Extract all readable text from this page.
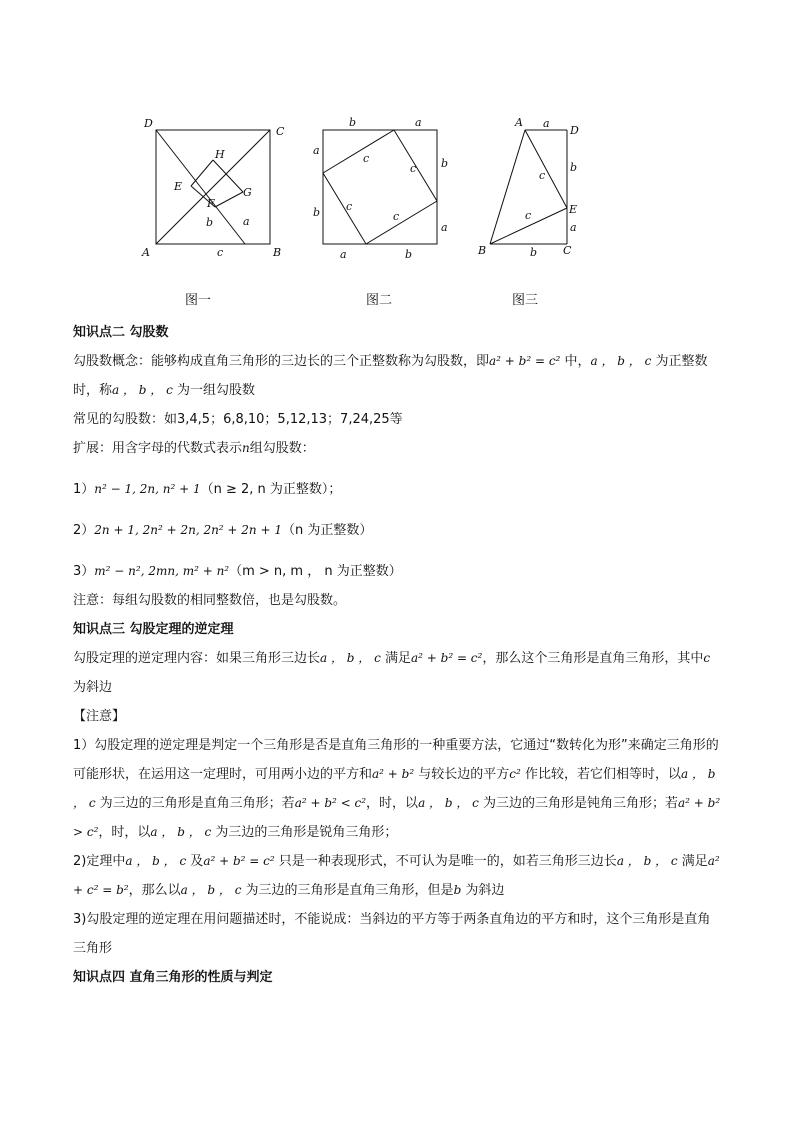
D
C
A	B
H
E
F
G
b	a
c
b	a
a
b
b
a
a	b
c
c
c
c
A a
D
b
c
E
c
a
B	b C
图一	图二	图三

知识点二 勾股数

勾股数概念：能够构成直角三角形的三边长的三个正整数称为勾股数，即a² + b² = c² 中，a ， b ， c 为正整数时，称a ， b ， c 为一组勾股数

常见的勾股数：如3,4,5；6,8,10；5,12,13；7,24,25等

扩展：用含字母的代数式表示n组勾股数：

1）n² − 1, 2n, n² + 1（n ≥ 2, n 为正整数）；

2）2n + 1, 2n² + 2n, 2n² + 2n + 1（n 为正整数）

3）m² − n², 2mn, m² + n²（m > n, m ， n 为正整数）

注意：每组勾股数的相同整数倍，也是勾股数。

知识点三 勾股定理的逆定理

勾股定理的逆定理内容：如果三角形三边长a ， b ， c 满足a² + b² = c²，那么这个三角形是直角三角形，其中c 为斜边

【注意】

1）勾股定理的逆定理是判定一个三角形是否是直角三角形的一种重要方法，它通过“数转化为形”来确定三角形的可能形状，在运用这一定理时，可用两小边的平方和a² + b² 与较长边的平方c² 作比较，若它们相等时，以a ， b ， c 为三边的三角形是直角三角形；若a² + b² < c²，时，以a ， b ， c 为三边的三角形是钝角三角形；若a² + b² > c²，时，以a ， b ， c 为三边的三角形是锐角三角形；

2)定理中a ， b ， c 及a² + b² = c² 只是一种表现形式，不可认为是唯一的，如若三角形三边长a ， b ， c 满足a² + c² = b²，那么以a ， b ， c 为三边的三角形是直角三角形，但是b 为斜边

3)勾股定理的逆定理在用问题描述时，不能说成：当斜边的平方等于两条直角边的平方和时，这个三角形是直角三角形

知识点四 直角三角形的性质与判定
